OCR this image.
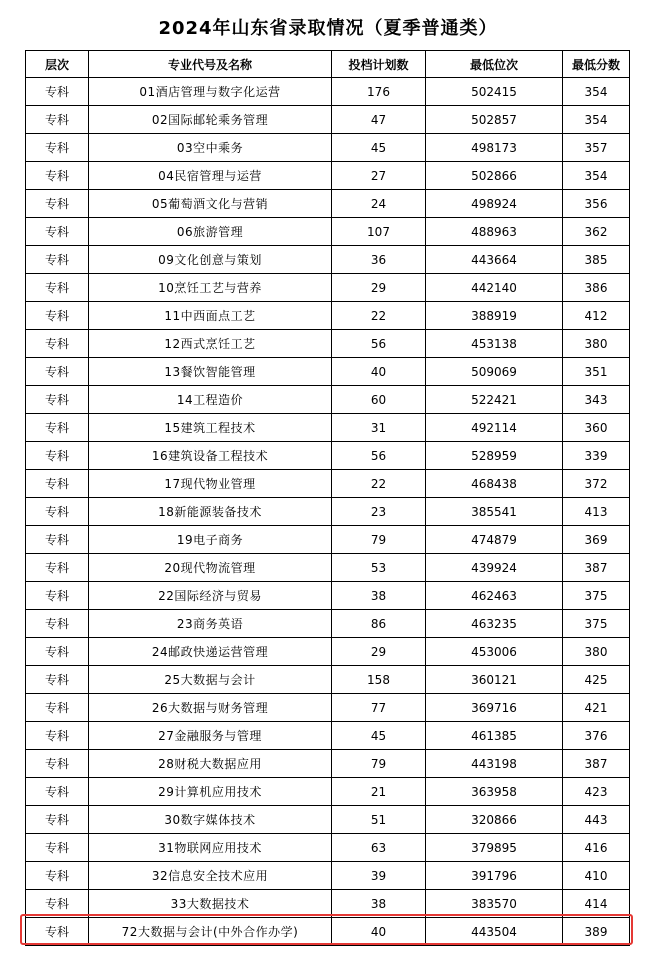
2024年山东省录取情况（夏季普通类）
层次	专业代号及名称	投档计划数	最低位次	最低分数
专科	01酒店管理与数字化运营	176	502415	354
专科	02国际邮轮乘务管理	47	502857	354
专科	03空中乘务	45	498173	357
专科	04民宿管理与运营	27	502866	354
专科	05葡萄酒文化与营销	24	498924	356
专科	06旅游管理	107	488963	362
专科	09文化创意与策划	36	443664	385
专科	10烹饪工艺与营养	29	442140	386
专科	11中西面点工艺	22	388919	412
专科	12西式烹饪工艺	56	453138	380
专科	13餐饮智能管理	40	509069	351
专科	14工程造价	60	522421	343
专科	15建筑工程技术	31	492114	360
专科	16建筑设备工程技术	56	528959	339
专科	17现代物业管理	22	468438	372
专科	18新能源装备技术	23	385541	413
专科	19电子商务	79	474879	369
专科	20现代物流管理	53	439924	387
专科	22国际经济与贸易	38	462463	375
专科	23商务英语	86	463235	375
专科	24邮政快递运营管理	29	453006	380
专科	25大数据与会计	158	360121	425
专科	26大数据与财务管理	77	369716	421
专科	27金融服务与管理	45	461385	376
专科	28财税大数据应用	79	443198	387
专科	29计算机应用技术	21	363958	423
专科	30数字媒体技术	51	320866	443
专科	31物联网应用技术	63	379895	416
专科	32信息安全技术应用	39	391796	410
专科	33大数据技术	38	383570	414
专科	72大数据与会计(中外合作办学)	40	443504	389
